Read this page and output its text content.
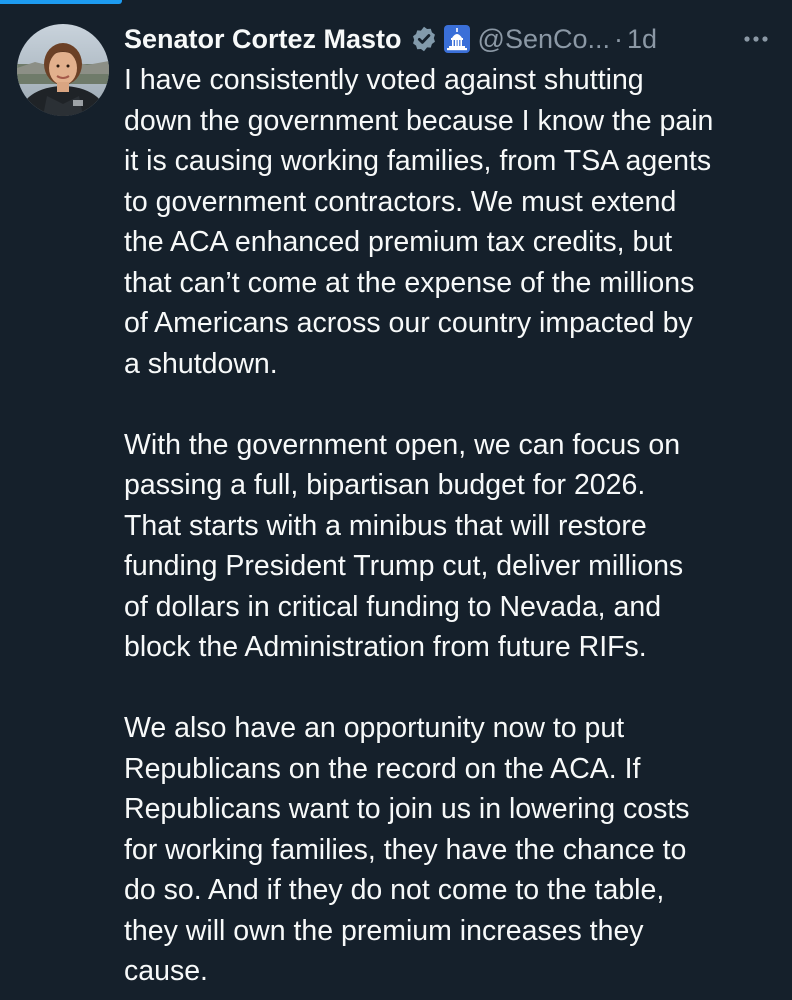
Senator Cortez Masto	@SenCo... · 1d

I have consistently voted against shutting
down the government because I know the pain
it is causing working families, from TSA agents
to government contractors. We must extend
the ACA enhanced premium tax credits, but
that can’t come at the expense of the millions
of Americans across our country impacted by
a shutdown.

With the government open, we can focus on
passing a full, bipartisan budget for 2026.
That starts with a minibus that will restore
funding President Trump cut, deliver millions
of dollars in critical funding to Nevada, and
block the Administration from future RIFs.

We also have an opportunity now to put
Republicans on the record on the ACA. If
Republicans want to join us in lowering costs
for working families, they have the chance to
do so. And if they do not come to the table,
they will own the premium increases they
cause.
